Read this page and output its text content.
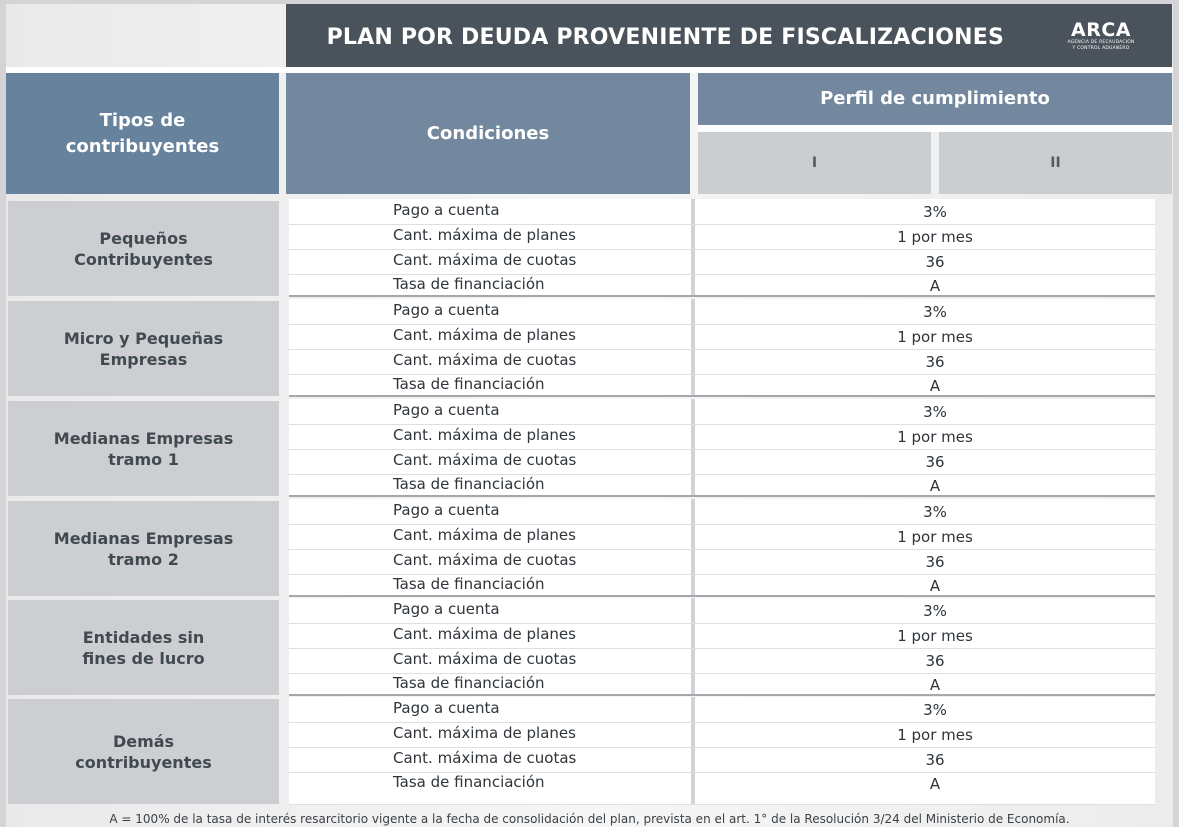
PLAN POR DEUDA PROVENIENTE DE FISCALIZACIONES	ARCA
AGENCIA DE RECAUDACIÓN
Y CONTROL ADUANERO
Tipos de
contribuyentes
Condiciones
Perfil de cumplimiento
I	II
Pequeños
Contribuyentes
Pago a cuenta	3%
Cant. máxima de planes	1 por mes
Cant. máxima de cuotas	36
Tasa de financiación	A
Micro y Pequeñas
Empresas
Pago a cuenta	3%
Cant. máxima de planes	1 por mes
Cant. máxima de cuotas	36
Tasa de financiación	A
Medianas Empresas
tramo 1
Pago a cuenta	3%
Cant. máxima de planes	1 por mes
Cant. máxima de cuotas	36
Tasa de financiación	A
Medianas Empresas
tramo 2
Pago a cuenta	3%
Cant. máxima de planes	1 por mes
Cant. máxima de cuotas	36
Tasa de financiación	A
Entidades sin
fines de lucro
Pago a cuenta	3%
Cant. máxima de planes	1 por mes
Cant. máxima de cuotas	36
Tasa de financiación	A
Demás
contribuyentes
Pago a cuenta	3%
Cant. máxima de planes	1 por mes
Cant. máxima de cuotas	36
Tasa de financiación	A
A = 100% de la tasa de interés resarcitorio vigente a la fecha de consolidación del plan, prevista en el art. 1° de la Resolución 3/24 del Ministerio de Economía.
